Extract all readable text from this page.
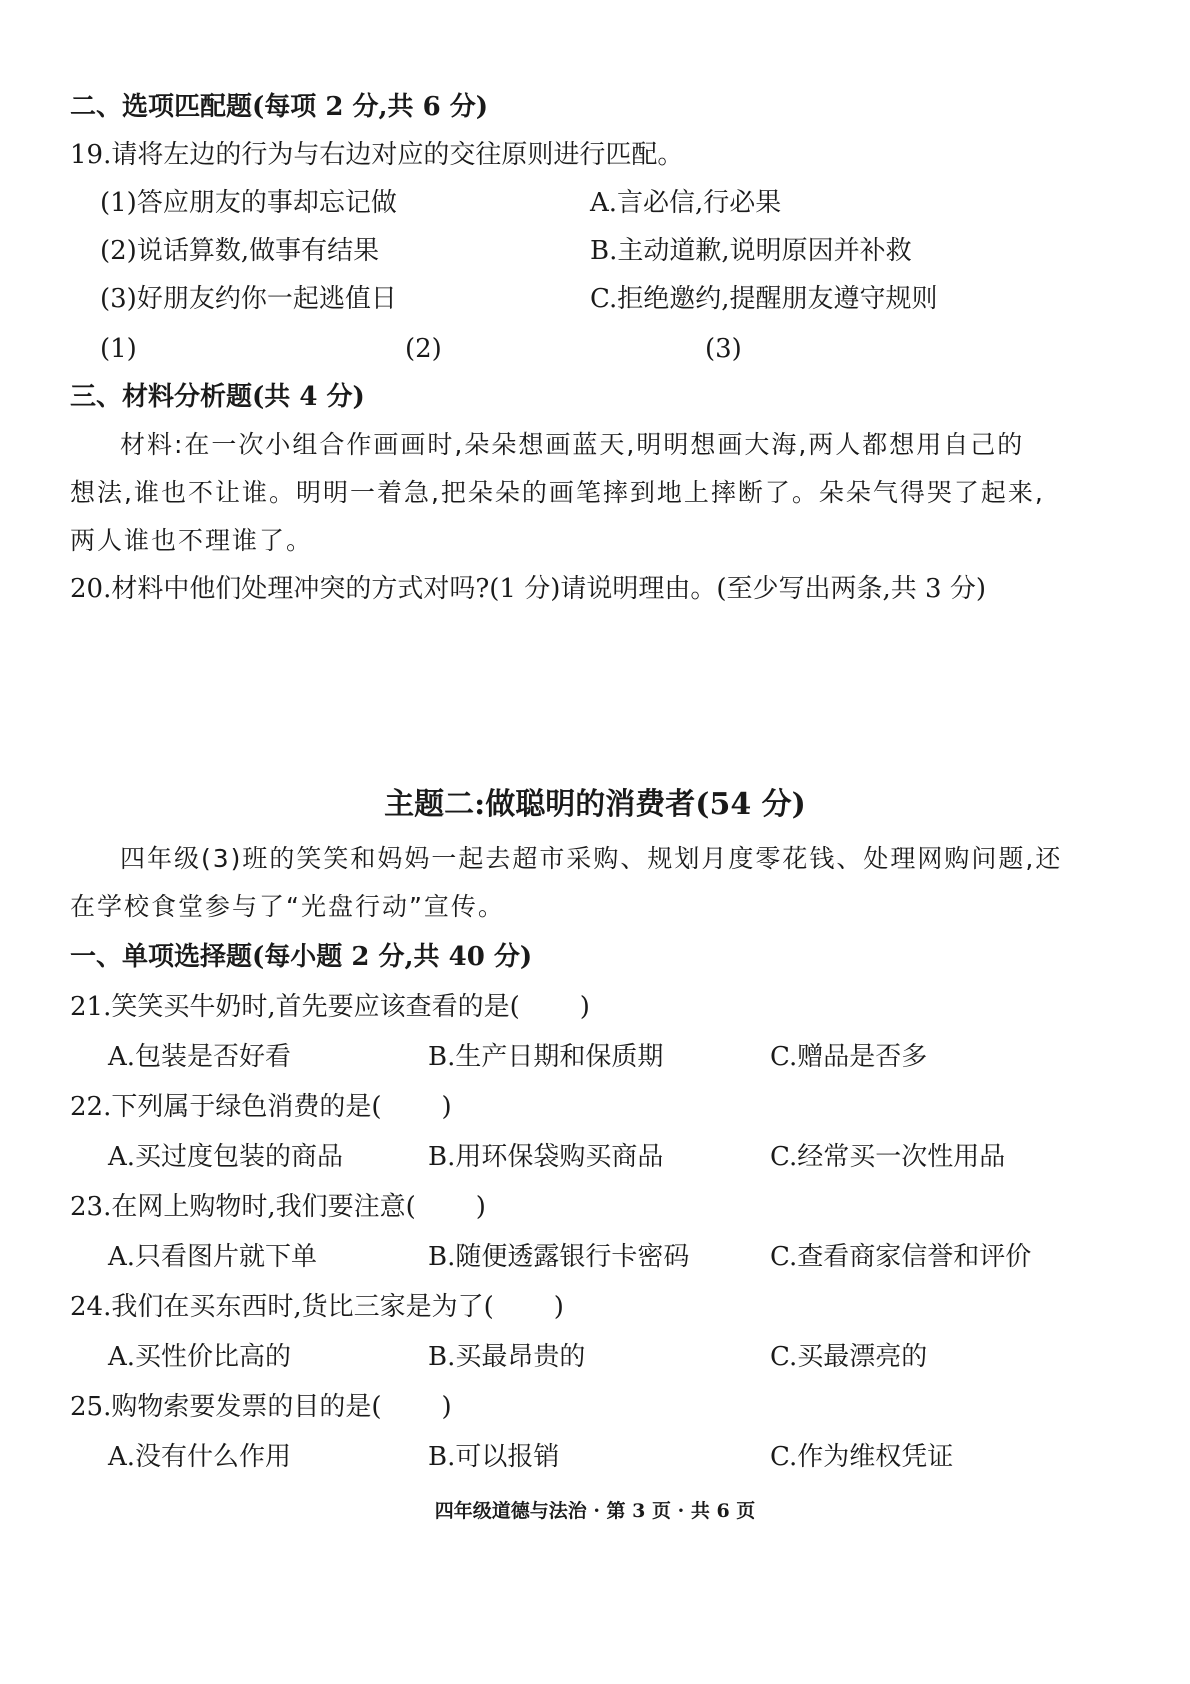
二、选项匹配题(每项 2 分,共 6 分)
19.请将左边的行为与右边对应的交往原则进行匹配。
(1)答应朋友的事却忘记做	A.言必信,行必果
(2)说话算数,做事有结果	B.主动道歉,说明原因并补救
(3)好朋友约你一起逃值日	C.拒绝邀约,提醒朋友遵守规则
(1)	(2)	(3)
三、材料分析题(共 4 分)
材料:在一次小组合作画画时,朵朵想画蓝天,明明想画大海,两人都想用自己的
想法,谁也不让谁。明明一着急,把朵朵的画笔摔到地上摔断了。朵朵气得哭了起来,
两人谁也不理谁了。
20.材料中他们处理冲突的方式对吗?(1 分)请说明理由。(至少写出两条,共 3 分)
主题二:做聪明的消费者(54 分)
四年级(3)班的笑笑和妈妈一起去超市采购、规划月度零花钱、处理网购问题,还
在学校食堂参与了“光盘行动”宣传。
一、单项选择题(每小题 2 分,共 40 分)
21.笑笑买牛奶时,首先要应该查看的是( )
A.包装是否好看	B.生产日期和保质期	C.赠品是否多
22.下列属于绿色消费的是( )
A.买过度包装的商品	B.用环保袋购买商品	C.经常买一次性用品
23.在网上购物时,我们要注意( )
A.只看图片就下单	B.随便透露银行卡密码	C.查看商家信誉和评价
24.我们在买东西时,货比三家是为了( )
A.买性价比高的	B.买最昂贵的	C.买最漂亮的
25.购物索要发票的目的是( )
A.没有什么作用	B.可以报销	C.作为维权凭证
四年级道德与法治 · 第 3 页 · 共 6 页
